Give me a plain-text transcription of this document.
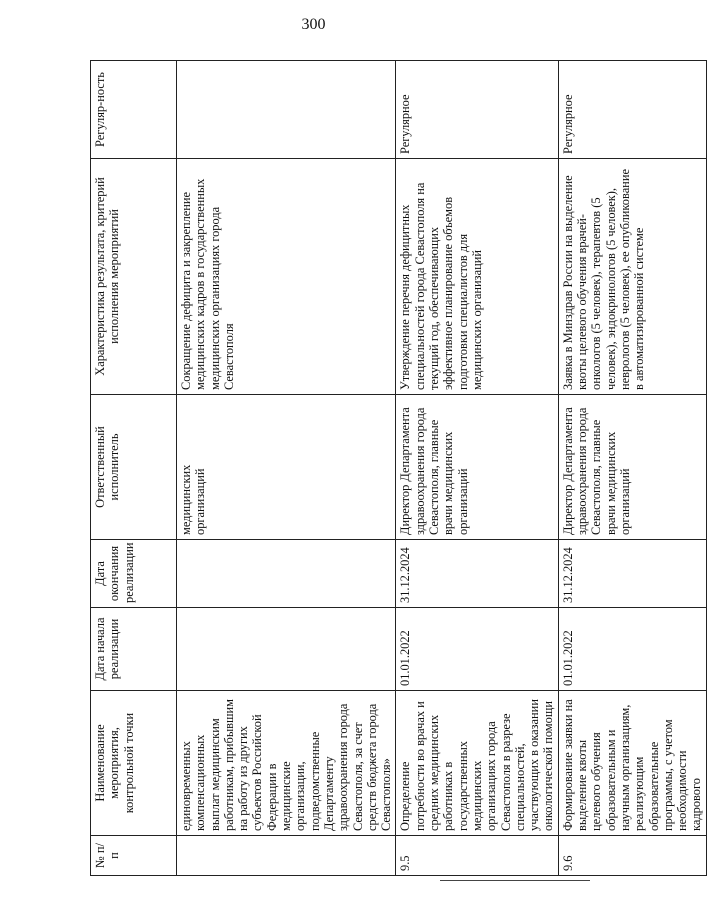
300
№ п/п	Наименование мероприятия, контрольной точки	Дата начала реализации	Дата окончания реализации	Ответственный исполнитель	Характеристика результата, критерий исполнения мероприятий	Регуляр-ность
	единовременных компенсационных выплат медицинским работникам, прибывшим на работу из других субъектов Российской Федерации в медицинские организации, подведомственные Департаменту здравоохранения города Севастополя, за счет средств бюджета города Севастополя»			медицинских организаций	Сокращение дефицита и закрепление медицинских кадров в государственных медицинских организациях города Севастополя	
9.5	Определение потребности во врачах и средних медицинских работниках в государственных медицинских организациях города Севастополя в разрезе специальностей, участвующих в оказании онкологической помощи	01.01.2022	31.12.2024	Директор Департамента здравоохранения города Севастополя, главные врачи медицинских организаций	Утверждение перечня дефицитных специальностей города Севастополя на текущий год, обеспечивающих эффективное планирование объемов подготовки специалистов для медицинских организаций	Регулярное
9.6	Формирование заявки на выделение квоты целевого обучения образовательным и научным организациям, реализующим образовательные программы, с учетом необходимости кадрового	01.01.2022	31.12.2024	Директор Департамента здравоохранения города Севастополя, главные врачи медицинских организаций	Заявка в Минздрав России на выделение квоты целевого обучения врачей-онкологов (5 человек), терапевтов (5 человек), эндокринологов (5 человек), неврологов (5 человек), ее опубликование в автоматизированной системе	Регулярное
